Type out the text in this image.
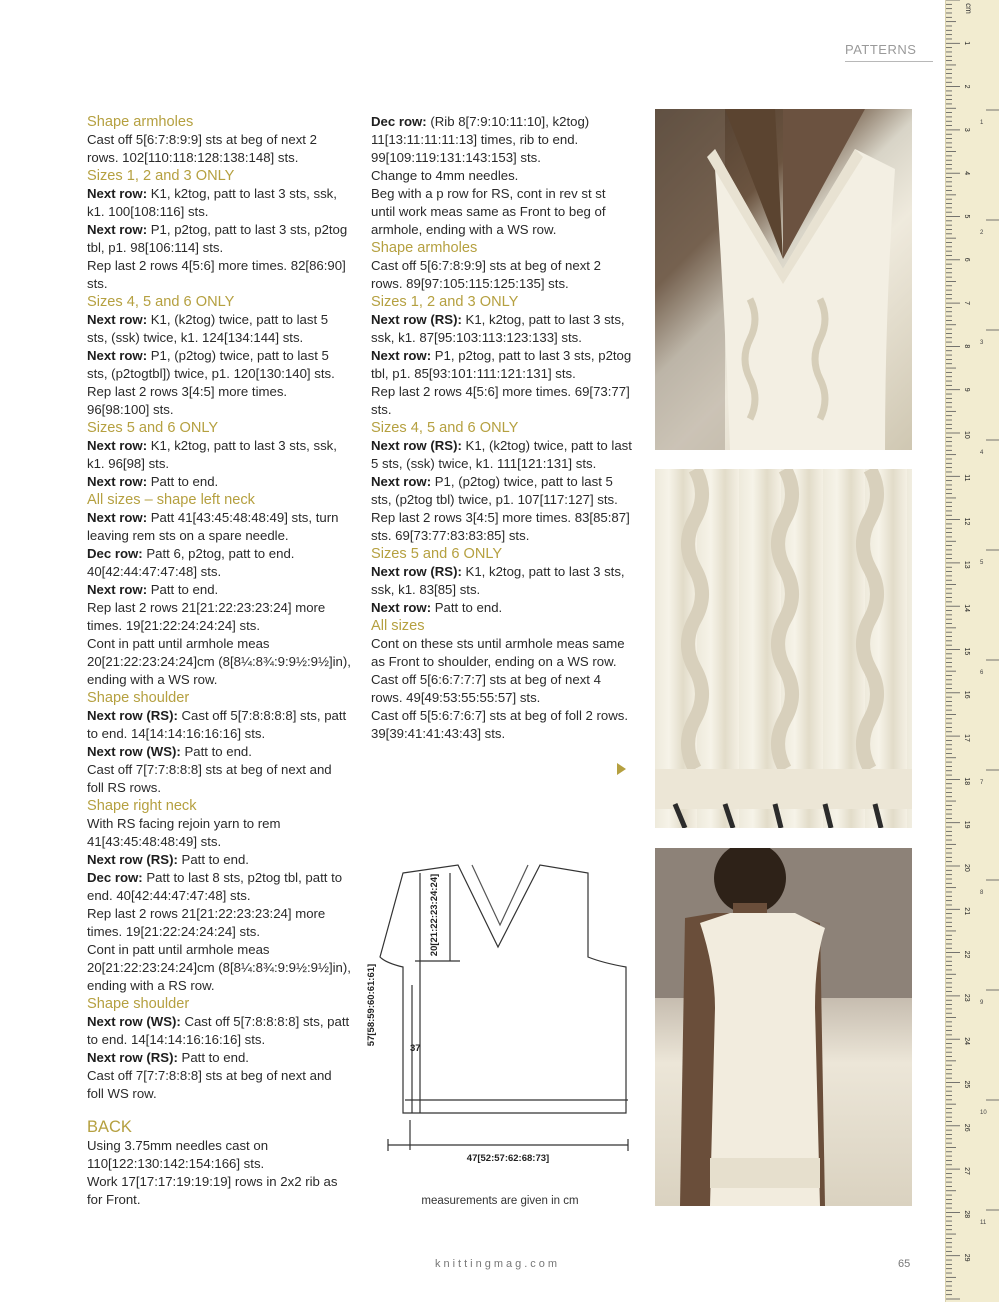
PATTERNS

Shape armholes

Cast off 5[6:7:8:9:9] sts at beg of next 2 rows. 102[110:118:128:138:148] sts.

Sizes 1, 2 and 3 ONLY

Next row: K1, k2tog, patt to last 3 sts, ssk, k1. 100[108:116] sts.

Next row: P1, p2tog, patt to last 3 sts, p2tog tbl, p1. 98[106:114] sts.

Rep last 2 rows 4[5:6] more times. 82[86:90] sts.

Sizes 4, 5 and 6 ONLY

Next row: K1, (k2tog) twice, patt to last 5 sts, (ssk) twice, k1. 124[134:144] sts.

Next row: P1, (p2tog) twice, patt to last 5 sts, (p2togtbl]) twice, p1. 120[130:140] sts.

Rep last 2 rows 3[4:5] more times. 96[98:100] sts.

Sizes 5 and 6 ONLY

Next row: K1, k2tog, patt to last 3 sts, ssk, k1. 96[98] sts.

Next row: Patt to end.

All sizes – shape left neck

Next row: Patt 41[43:45:48:48:49] sts, turn leaving rem sts on a spare needle.

Dec row: Patt 6, p2tog, patt to end. 40[42:44:47:47:48] sts.

Next row: Patt to end.

Rep last 2 rows 21[21:22:23:23:24] more times. 19[21:22:24:24:24] sts.

Cont in patt until armhole meas 20[21:22:23:24:24]cm (8[8¼:8¾:9:9½:9½]in), ending with a WS row.

Shape shoulder

Next row (RS): Cast off 5[7:8:8:8:8] sts, patt to end. 14[14:14:16:16:16] sts.

Next row (WS): Patt to end.

Cast off 7[7:7:8:8:8] sts at beg of next and foll RS rows.

Shape right neck

With RS facing rejoin yarn to rem 41[43:45:48:48:49] sts.

Next row (RS): Patt to end.

Dec row: Patt to last 8 sts, p2tog tbl, patt to end. 40[42:44:47:47:48] sts.

Rep last 2 rows 21[21:22:23:23:24] more times. 19[21:22:24:24:24] sts.

Cont in patt until armhole meas 20[21:22:23:24:24]cm (8[8¼:8¾:9:9½:9½]in), ending with a RS row.

Shape shoulder

Next row (WS): Cast off 5[7:8:8:8:8] sts, patt to end. 14[14:14:16:16:16] sts.

Next row (RS): Patt to end.

Cast off 7[7:7:8:8:8] sts at beg of next and foll WS row.

BACK

Using 3.75mm needles cast on 110[122:130:142:154:166] sts.

Work 17[17:17:19:19:19] rows in 2x2 rib as for Front.

Dec row: (Rib 8[7:9:10:11:10], k2tog) 11[13:11:11:11:13] times, rib to end. 99[109:119:131:143:153] sts.

Change to 4mm needles.

Beg with a p row for RS, cont in rev st st until work meas same as Front to beg of armhole, ending with a WS row.

Shape armholes

Cast off 5[6:7:8:9:9] sts at beg of next 2 rows. 89[97:105:115:125:135] sts.

Sizes 1, 2 and 3 ONLY

Next row (RS): K1, k2tog, patt to last 3 sts, ssk, k1. 87[95:103:113:123:133] sts.

Next row: P1, p2tog, patt to last 3 sts, p2tog tbl, p1. 85[93:101:111:121:131] sts.

Rep last 2 rows 4[5:6] more times. 69[73:77] sts.

Sizes 4, 5 and 6 ONLY

Next row (RS): K1, (k2tog) twice, patt to last 5 sts, (ssk) twice, k1. 111[121:131] sts.

Next row: P1, (p2tog) twice, patt to last 5 sts, (p2tog tbl) twice, p1. 107[117:127] sts.

Rep last 2 rows 3[4:5] more times. 83[85:87] sts. 69[73:77:83:83:85] sts.

Sizes 5 and 6 ONLY

Next row (RS): K1, k2tog, patt to last 3 sts, ssk, k1. 83[85] sts.

Next row: Patt to end.

All sizes

Cont on these sts until armhole meas same as Front to shoulder, ending on a WS row.

Cast off 5[6:6:7:7:7] sts at beg of next 4 rows. 49[49:53:55:55:57] sts.

Cast off 5[5:6:7:6:7] sts at beg of foll 2 rows. 39[39:41:41:43:43] sts.

20[21:22:23:24:24]
57[58:59:60:61:61]
37
47[52:57:62:68:73]
measurements are given in cm
knittingmag.com	65
cm
1
2
3
4
5
6
7
8
9
10
11
12
13
14
15
16
17
18
19
20
21
22
23
24
25
26
27
28
29
1
2
3
4
5
6
7
8
9
10
11
